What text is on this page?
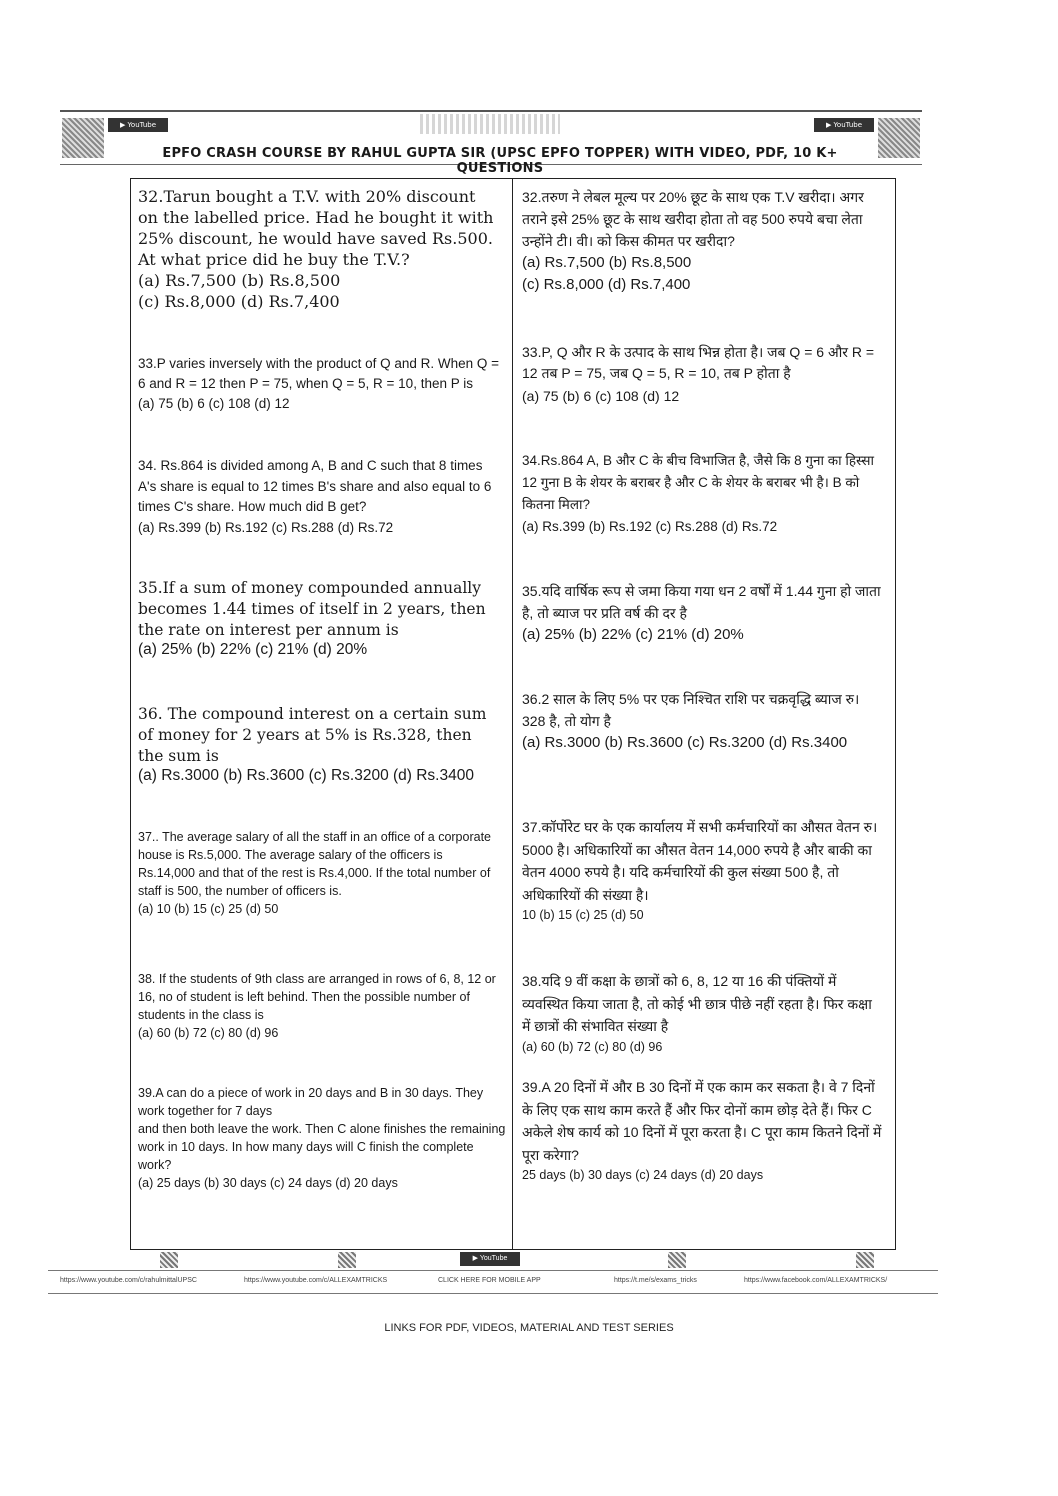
▶ YouTube	▶ YouTube
EPFO CRASH COURSE BY RAHUL GUPTA SIR (UPSC EPFO TOPPER) WITH VIDEO, PDF, 10 K+ QUESTIONS

32.Tarun bought a T.V. with 20% discount on the labelled price. Had he bought it with 25% discount, he would have saved Rs.500. At what price did he buy the T.V.?

(a) Rs.7,500 (b) Rs.8,500

(c) Rs.8,000 (d) Rs.7,400

32.तरुण ने लेबल मूल्य पर 20% छूट के साथ एक T.V खरीदा। अगर तराने इसे 25% छूट के साथ खरीदा होता तो वह 500 रुपये बचा लेता उन्होंने टी। वी। को किस कीमत पर खरीदा?

(a) Rs.7,500 (b) Rs.8,500

(c) Rs.8,000 (d) Rs.7,400

33.P varies inversely with the product of Q and R. When Q = 6 and R = 12 then P = 75, when Q = 5, R = 10, then P is

(a) 75 (b) 6 (c) 108 (d) 12

33.P, Q और R के उत्पाद के साथ भिन्न होता है। जब Q = 6 और R = 12 तब P = 75, जब Q = 5, R = 10, तब P होता है

(a) 75 (b) 6 (c) 108 (d) 12

34. Rs.864 is divided among A, B and C such that 8 times A's share is equal to 12 times B's share and also equal to 6 times C's share. How much did B get?

(a) Rs.399 (b) Rs.192 (c) Rs.288 (d) Rs.72

34.Rs.864 A, B और C के बीच विभाजित है, जैसे कि 8 गुना का हिस्सा 12 गुना B के शेयर के बराबर है और C के शेयर के बराबर भी है। B को कितना मिला?

(a) Rs.399 (b) Rs.192 (c) Rs.288 (d) Rs.72

35.If a sum of money compounded annually becomes 1.44 times of itself in 2 years, then the rate on interest per annum is

(a) 25% (b) 22% (c) 21% (d) 20%

35.यदि वार्षिक रूप से जमा किया गया धन 2 वर्षों में 1.44 गुना हो जाता है, तो ब्याज पर प्रति वर्ष की दर है

(a) 25% (b) 22% (c) 21% (d) 20%

36. The compound interest on a certain sum of money for 2 years at 5% is Rs.328, then the sum is

(a) Rs.3000 (b) Rs.3600 (c) Rs.3200 (d) Rs.3400

36.2 साल के लिए 5% पर एक निश्चित राशि पर चक्रवृद्धि ब्याज रु। 328 है, तो योग है

(a) Rs.3000 (b) Rs.3600 (c) Rs.3200 (d) Rs.3400

37.. The average salary of all the staff in an office of a corporate house is Rs.5,000. The average salary of the officers is Rs.14,000 and that of the rest is Rs.4,000. If the total number of staff is 500, the number of officers is.

(a) 10 (b) 15 (c) 25 (d) 50

37.कॉर्पोरेट घर के एक कार्यालय में सभी कर्मचारियों का औसत वेतन रु। 5000 है। अधिकारियों का औसत वेतन 14,000 रुपये है और बाकी का वेतन 4000 रुपये है। यदि कर्मचारियों की कुल संख्या 500 है, तो अधिकारियों की संख्या है।

10 (b) 15 (c) 25 (d) 50

38. If the students of 9th class are arranged in rows of 6, 8, 12 or 16, no of student is left behind. Then the possible number of students in the class is

(a) 60 (b) 72 (c) 80 (d) 96

38.यदि 9 वीं कक्षा के छात्रों को 6, 8, 12 या 16 की पंक्तियों में व्यवस्थित किया जाता है, तो कोई भी छात्र पीछे नहीं रहता है। फिर कक्षा में छात्रों की संभावित संख्या है

(a) 60 (b) 72 (c) 80 (d) 96

39.A can do a piece of work in 20 days and B in 30 days. They work together for 7 days

and then both leave the work. Then C alone finishes the remaining work in 10 days. In how many days will C finish the complete work?

(a) 25 days (b) 30 days (c) 24 days (d) 20 days

39.A 20 दिनों में और B 30 दिनों में एक काम कर सकता है। वे 7 दिनों के लिए एक साथ काम करते हैं और फिर दोनों काम छोड़ देते हैं। फिर C अकेले शेष कार्य को 10 दिनों में पूरा करता है। C पूरा काम कितने दिनों में पूरा करेगा?

25 days (b) 30 days (c) 24 days (d) 20 days

▶ YouTube
https://www.youtube.com/c/rahulmittalUPSC	https://www.youtube.com/c/ALLEXAMTRICKS	CLICK HERE FOR MOBILE APP	https://t.me/s/exams_tricks	https://www.facebook.com/ALLEXAMTRICKS/
LINKS FOR PDF, VIDEOS, MATERIAL AND TEST SERIES
